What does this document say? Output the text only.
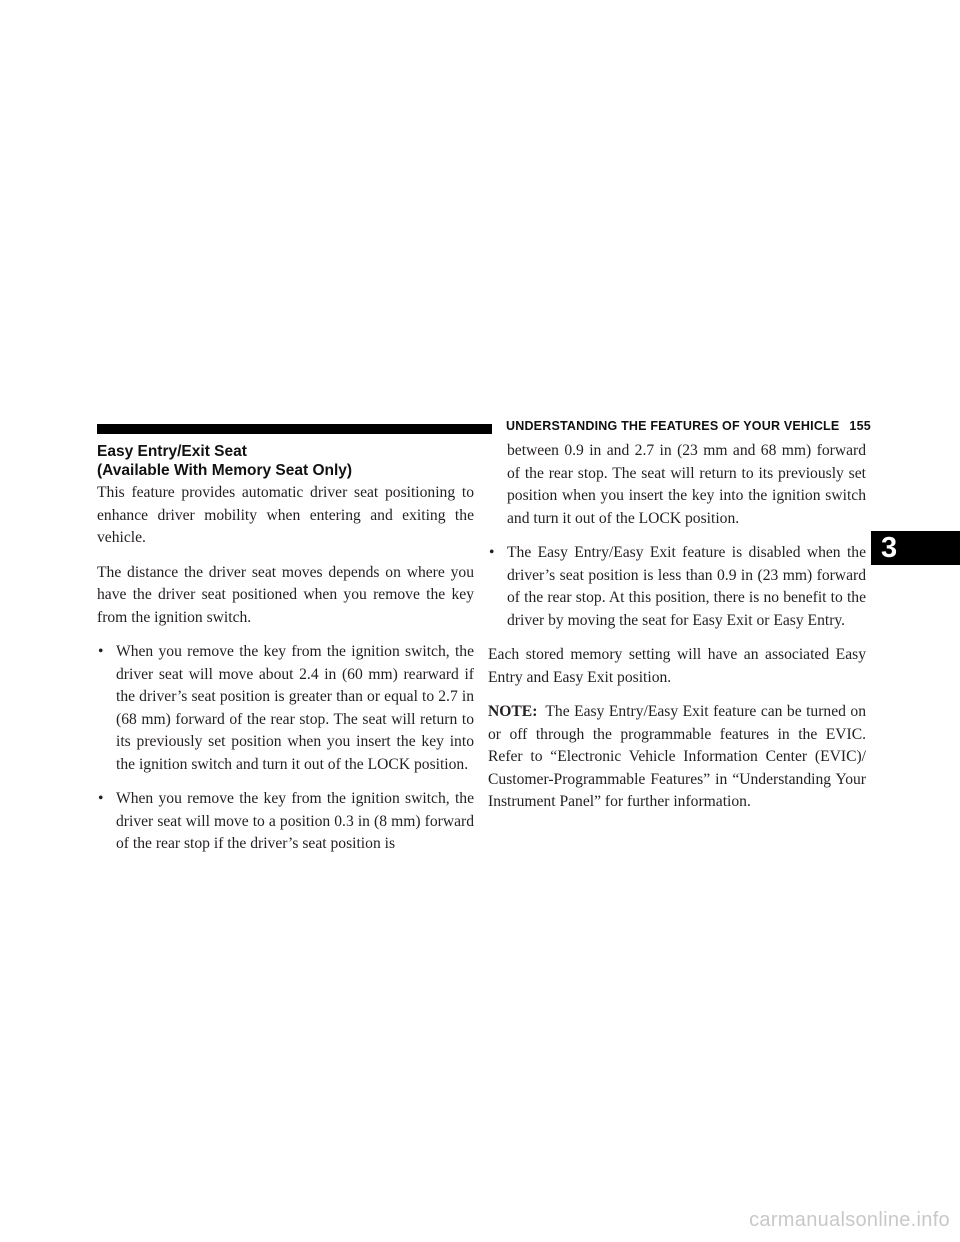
UNDERSTANDING THE FEATURES OF YOUR VEHICLE 155
3
Easy Entry/Exit Seat
(Available With Memory Seat Only)

This feature provides automatic driver seat positioning to enhance driver mobility when entering and exiting the vehicle.

The distance the driver seat moves depends on where you have the driver seat positioned when you remove the key from the ignition switch.

• When you remove the key from the ignition switch, the driver seat will move about 2.4 in (60 mm) rearward if the driver’s seat position is greater than or equal to 2.7 in (68 mm) forward of the rear stop. The seat will return to its previously set position when you insert the key into the ignition switch and turn it out of the LOCK position.
• When you remove the key from the ignition switch, the driver seat will move to a position 0.3 in (8 mm) forward of the rear stop if the driver’s seat position is
between 0.9 in and 2.7 in (23 mm and 68 mm) forward of the rear stop. The seat will return to its previously set position when you insert the key into the ignition switch and turn it out of the LOCK position.
• The Easy Entry/Easy Exit feature is disabled when the driver’s seat position is less than 0.9 in (23 mm) forward of the rear stop. At this position, there is no benefit to the driver by moving the seat for Easy Exit or Easy Entry.

Each stored memory setting will have an associated Easy Entry and Easy Exit position.

NOTE: The Easy Entry/Easy Exit feature can be turned on or off through the programmable features in the EVIC. Refer to “Electronic Vehicle Information Center (EVIC)/ Customer-Programmable Features” in “Understanding Your Instrument Panel” for further information.

carmanualsonline.info
